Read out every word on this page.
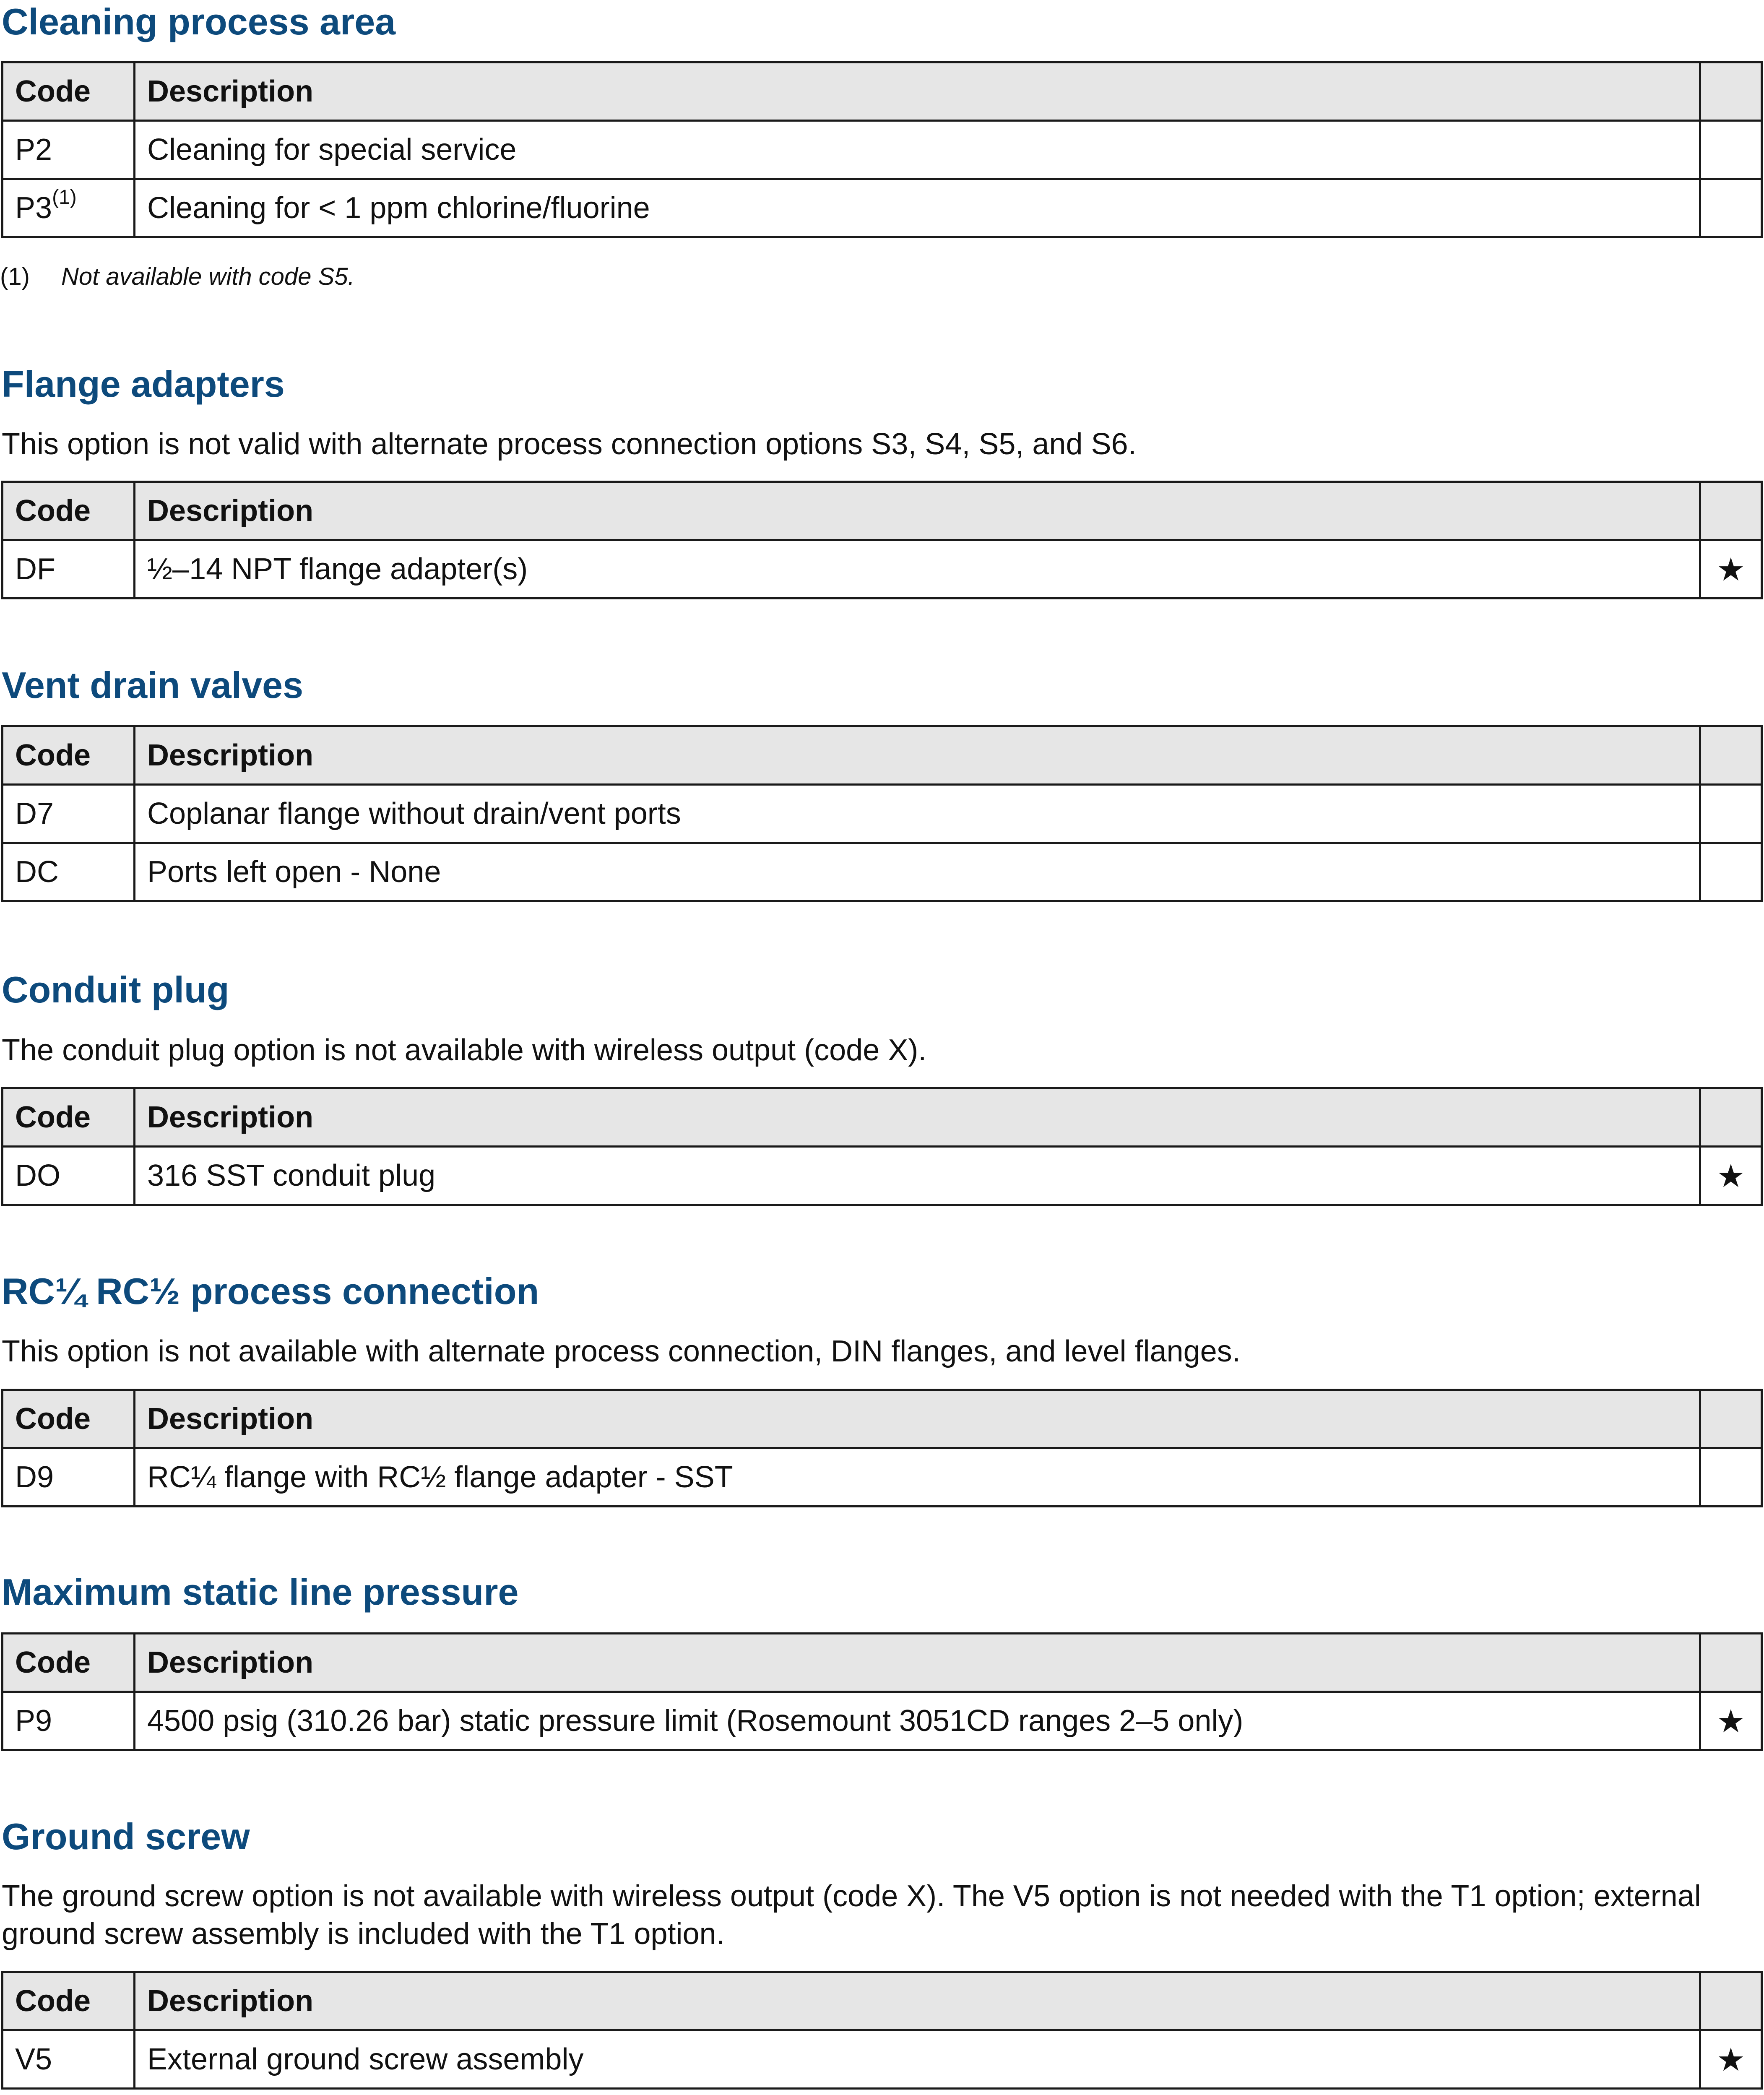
Cleaning process area
Code	Description	
P2	Cleaning for special service	
P3$^{(1)}$	Cleaning for < 1 ppm chlorine/fluorine	
(1) Not available with code S5.
Flange adapters

This option is not valid with alternate process connection options S3, S4, S5, and S6.

Code	Description	
DF	½–14 NPT flange adapter(s)	★
Vent drain valves
Code	Description	
D7	Coplanar flange without drain/vent ports	
DC	Ports left open - None	
Conduit plug

The conduit plug option is not available with wireless output (code X).

Code	Description	
DO	316 SST conduit plug	★
RC¼ RC½ process connection

This option is not available with alternate process connection, DIN flanges, and level flanges.

Code	Description	
D9	RC¼ flange with RC½ flange adapter - SST	
Maximum static line pressure
Code	Description	
P9	4500 psig (310.26 bar) static pressure limit (Rosemount 3051CD ranges 2–5 only)	★
Ground screw

The ground screw option is not available with wireless output (code X). The V5 option is not needed with the T1 option; external ground screw assembly is included with the T1 option.

Code	Description	
V5	External ground screw assembly	★
